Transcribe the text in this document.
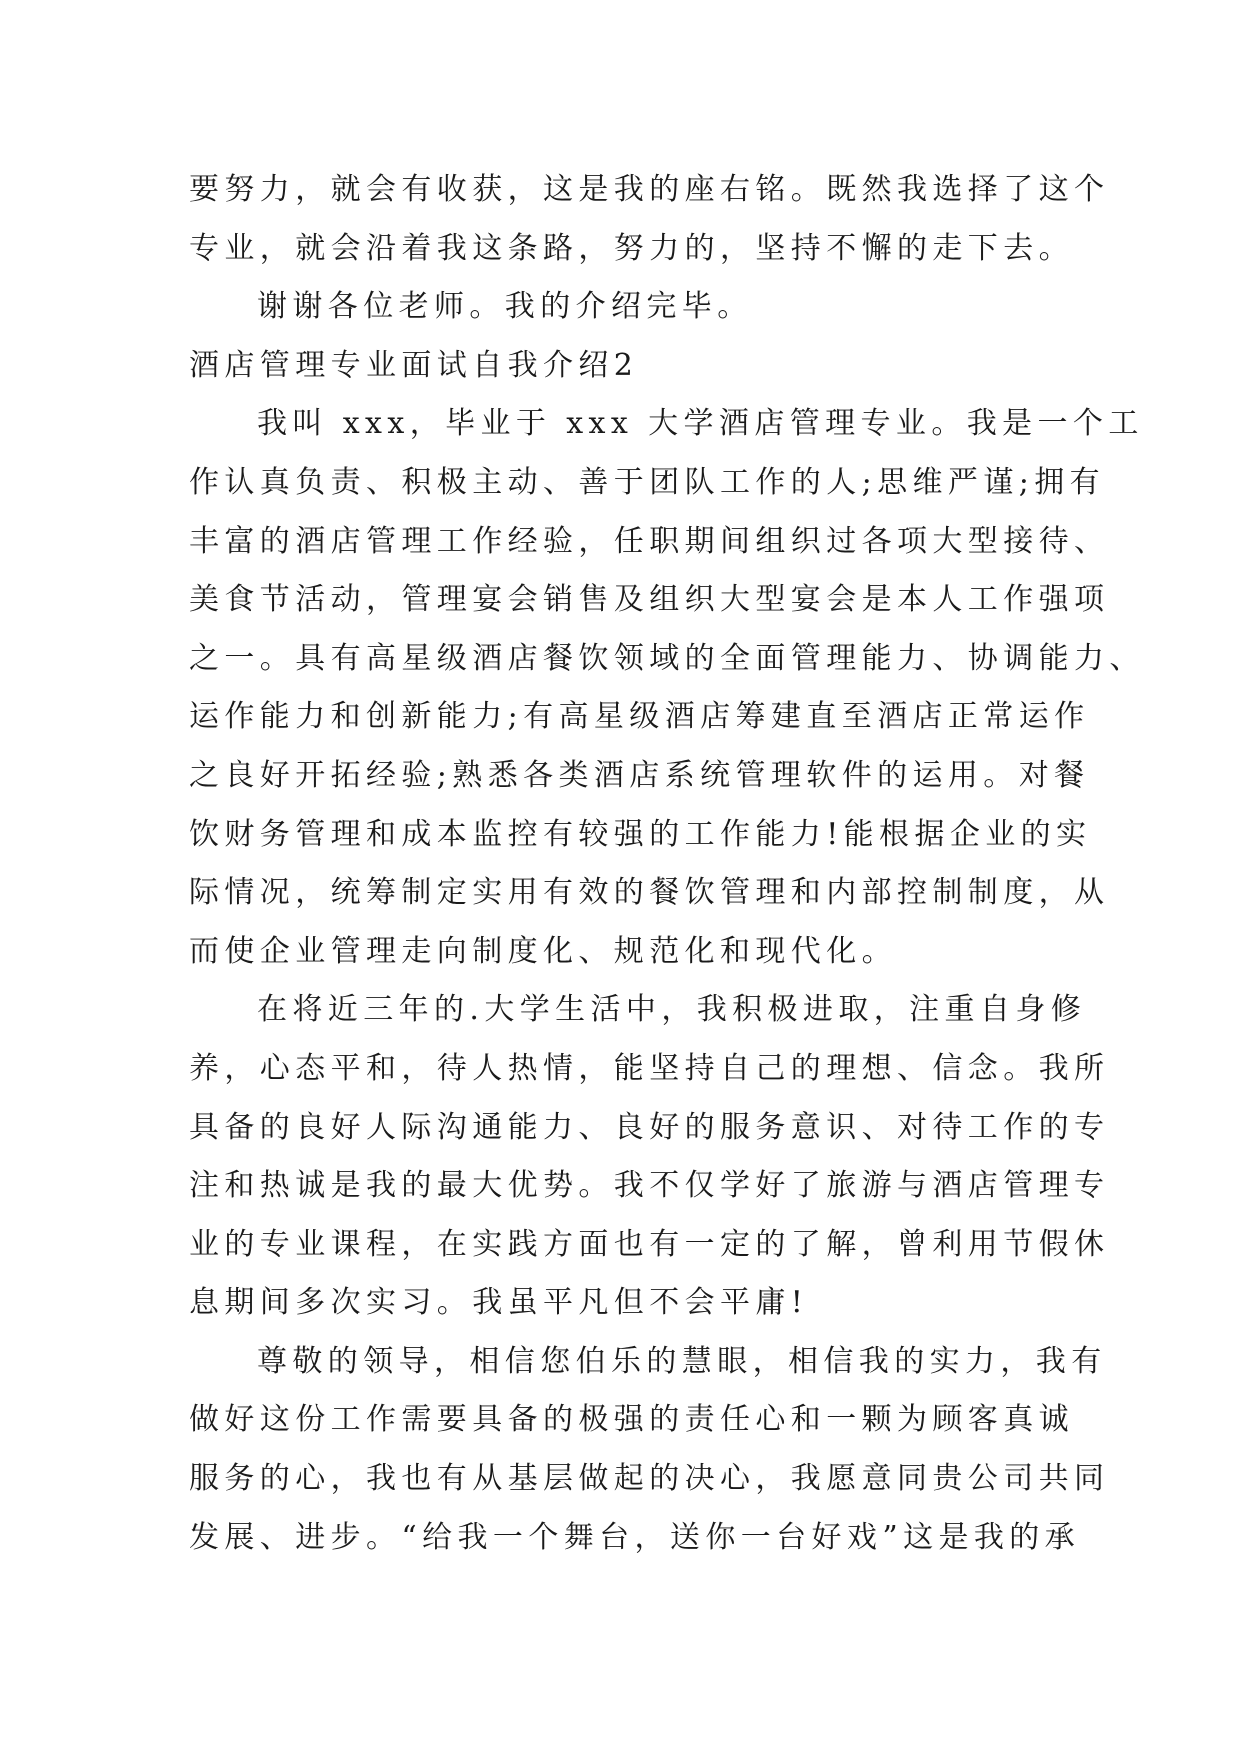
要努力，就会有收获，这是我的座右铭。既然我选择了这个
专业，就会沿着我这条路，努力的，坚持不懈的走下去。
谢谢各位老师。我的介绍完毕。
酒店管理专业面试自我介绍2
我叫 xxx，毕业于 xxx 大学酒店管理专业。我是一个工
作认真负责、积极主动、善于团队工作的人;思维严谨;拥有
丰富的酒店管理工作经验，任职期间组织过各项大型接待、
美食节活动，管理宴会销售及组织大型宴会是本人工作强项
之一。具有高星级酒店餐饮领域的全面管理能力、协调能力、
运作能力和创新能力;有高星级酒店筹建直至酒店正常运作
之良好开拓经验;熟悉各类酒店系统管理软件的运用。对餐
饮财务管理和成本监控有较强的工作能力!能根据企业的实
际情况，统筹制定实用有效的餐饮管理和内部控制制度，从
而使企业管理走向制度化、规范化和现代化。
在将近三年的.大学生活中，我积极进取，注重自身修
养，心态平和，待人热情，能坚持自己的理想、信念。我所
具备的良好人际沟通能力、良好的服务意识、对待工作的专
注和热诚是我的最大优势。我不仅学好了旅游与酒店管理专
业的专业课程，在实践方面也有一定的了解，曾利用节假休
息期间多次实习。我虽平凡但不会平庸!
尊敬的领导，相信您伯乐的慧眼，相信我的实力，我有
做好这份工作需要具备的极强的责任心和一颗为顾客真诚
服务的心，我也有从基层做起的决心，我愿意同贵公司共同
发展、进步。“给我一个舞台，送你一台好戏”这是我的承
